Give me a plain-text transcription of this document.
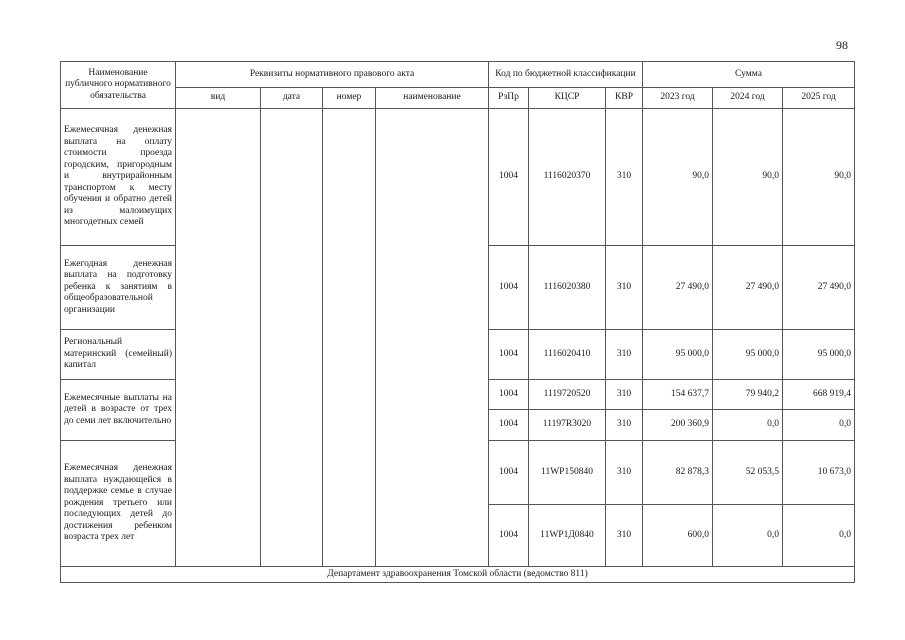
98
Наименование публичного нормативного обязательства	Реквизиты нормативного правового акта				Код по бюджетной классификации			Сумма		
	вид	дата	номер	наименование	РзПр	КЦСР	КВР	2023 год	2024 год	2025 год
Ежемесячная денежная выплата на оплату стоимости проезда городским, пригородным и внутрирайонным транспортом к месту обучения и обратно детей из малоимущих многодетных семей					1004	1116020370	310	90,0	90,0	90,0
Ежегодная денежная выплата на подготовку ребенка к занятиям в общеобразовательной организации					1004	1116020380	310	27 490,0	27 490,0	27 490,0
Региональный материнский (семейный) капитал					1004	1116020410	310	95 000,0	95 000,0	95 000,0
Ежемесячные выплаты на детей в возрасте от трех до семи лет включительно					1004	1119720520	310	154 637,7	79 940,2	668 919,4
					1004	11197R3020	310	200 360,9	0,0	0,0
Ежемесячная денежная выплата нуждающейся в поддержке семье в случае рождения третьего или последующих детей до достижения ребенком возраста трех лет					1004	11WP150840	310	82 878,3	52 053,5	10 673,0
					1004	11WP1Д0840	310	600,0	0,0	0,0
Департамент здравоохранения Томской области (ведомство 811)										
